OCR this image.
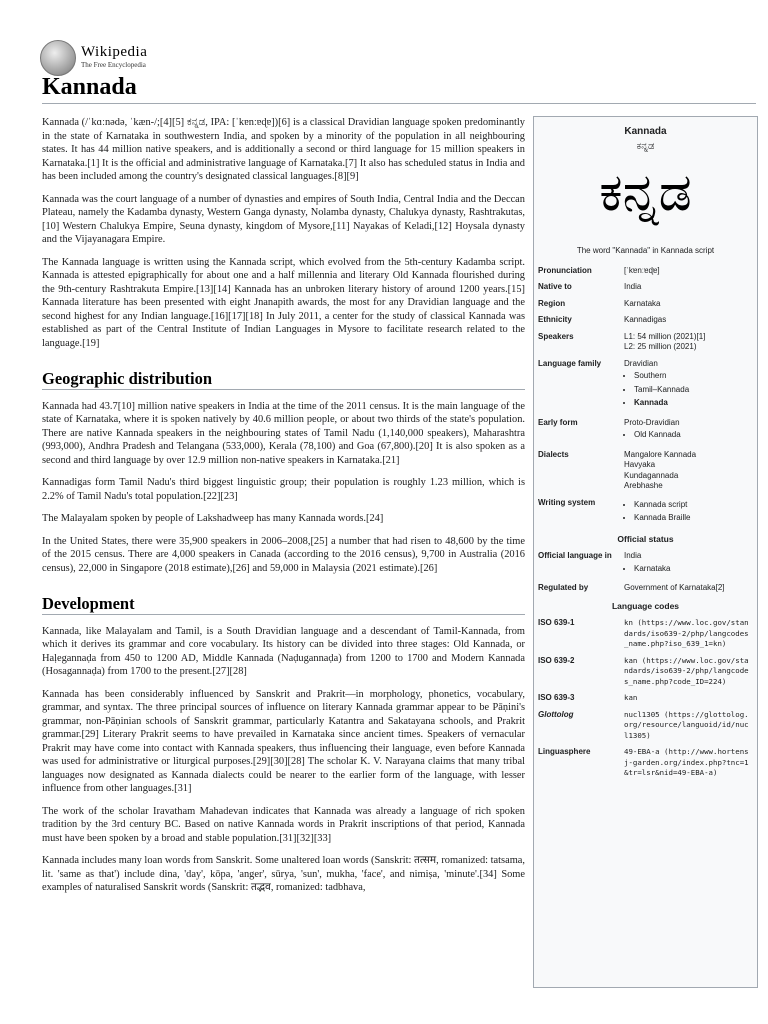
Wikipedia
The Free Encyclopedia
Kannada

Kannada (/ˈkɑːnədə, ˈkæn-/;[4][5] ಕನ್ನಡ, IPA: [ˈkɐnːɐɖɐ])[6] is a classical Dravidian language spoken predominantly in the state of Karnataka in southwestern India, and spoken by a minority of the population in all neighbouring states. It has 44 million native speakers, and is additionally a second or third language for 15 million speakers in Karnataka.[1] It is the official and administrative language of Karnataka.[7] It also has scheduled status in India and has been included among the country's designated classical languages.[8][9]

Kannada was the court language of a number of dynasties and empires of South India, Central India and the Deccan Plateau, namely the Kadamba dynasty, Western Ganga dynasty, Nolamba dynasty, Chalukya dynasty, Rashtrakutas,[10] Western Chalukya Empire, Seuna dynasty, kingdom of Mysore,[11] Nayakas of Keladi,[12] Hoysala dynasty and the Vijayanagara Empire.

The Kannada language is written using the Kannada script, which evolved from the 5th-century Kadamba script. Kannada is attested epigraphically for about one and a half millennia and literary Old Kannada flourished during the 9th-century Rashtrakuta Empire.[13][14] Kannada has an unbroken literary history of around 1200 years.[15] Kannada literature has been presented with eight Jnanapith awards, the most for any Dravidian language and the second highest for any Indian language.[16][17][18] In July 2011, a center for the study of classical Kannada was established as part of the Central Institute of Indian Languages in Mysore to facilitate research related to the language.[19]

Geographic distribution

Kannada had 43.7[10] million native speakers in India at the time of the 2011 census. It is the main language of the state of Karnataka, where it is spoken natively by 40.6 million people, or about two thirds of the state's population. There are native Kannada speakers in the neighbouring states of Tamil Nadu (1,140,000 speakers), Maharashtra (993,000), Andhra Pradesh and Telangana (533,000), Kerala (78,100) and Goa (67,800).[20] It is also spoken as a second and third language by over 12.9 million non-native speakers in Karnataka.[21]

Kannadigas form Tamil Nadu's third biggest linguistic group; their population is roughly 1.23 million, which is 2.2% of Tamil Nadu's total population.[22][23]

The Malayalam spoken by people of Lakshadweep has many Kannada words.[24]

In the United States, there were 35,900 speakers in 2006–2008,[25] a number that had risen to 48,600 by the time of the 2015 census. There are 4,000 speakers in Canada (according to the 2016 census), 9,700 in Australia (2016 census), 22,000 in Singapore (2018 estimate),[26] and 59,000 in Malaysia (2021 estimate).[26]

Development

Kannada, like Malayalam and Tamil, is a South Dravidian language and a descendant of Tamil-Kannada, from which it derives its grammar and core vocabulary. Its history can be divided into three stages: Old Kannada, or Haḷegannaḍa from 450 to 1200 AD, Middle Kannada (Naḍugannaḍa) from 1200 to 1700 and Modern Kannada (Hosagannaḍa) from 1700 to the present.[27][28]

Kannada has been considerably influenced by Sanskrit and Prakrit—in morphology, phonetics, vocabulary, grammar, and syntax. The three principal sources of influence on literary Kannada grammar appear to be Pāṇini's grammar, non-Pāṇinian schools of Sanskrit grammar, particularly Katantra and Sakatayana schools, and Prakrit grammar.[29] Literary Prakrit seems to have prevailed in Karnataka since ancient times. Speakers of vernacular Prakrit may have come into contact with Kannada speakers, thus influencing their language, even before Kannada was used for administrative or liturgical purposes.[29][30][28] The scholar K. V. Narayana claims that many tribal languages now designated as Kannada dialects could be nearer to the earlier form of the language, with lesser influence from other languages.[31]

The work of the scholar Iravatham Mahadevan indicates that Kannada was already a language of rich spoken tradition by the 3rd century BC. Based on native Kannada words in Prakrit inscriptions of that period, Kannada must have been spoken by a broad and stable population.[31][32][33]

Kannada includes many loan words from Sanskrit. Some unaltered loan words (Sanskrit: तत्सम, romanized: tatsama, lit. 'same as that') include dina, 'day', kōpa, 'anger', sūrya, 'sun', mukha, 'face', and nimiṣa, 'minute'.[34] Some examples of naturalised Sanskrit words (Sanskrit: तद्भव, romanized: tadbhava,

Kannada
ಕನ್ನಡ
ಕನ್ನಡ
The word "Kannada" in Kannada script
Pronunciation	[ˈkɐnːɐɖɐ]
Native to	India
Region	Karnataka
Ethnicity	Kannadigas
Speakers	L1: 54 million (2021)[1]
L2: 25 million (2021)
Language family	Dravidian
• Southern
• Tamil–Kannada
• Kannada
Early form	Proto-Dravidian
• Old Kannada
Dialects	Mangalore Kannada
Havyaka
Kundagannada
Arebhashe
Writing system
•	Kannada script
• Kannada Braille
Official status
Official language in	India
• Karnataka
Regulated by	Government of Karnataka[2]
Language codes
ISO 639-1	kn (https://www.loc.gov/standards/iso639-2/php/langcodes_name.php?iso_639_1=kn)
ISO 639-2	kan (https://www.loc.gov/standards/iso639-2/php/langcodes_name.php?code_ID=224)
ISO 639-3	kan
Glottolog	nucl1305 (https://glottolog.org/resource/languoid/id/nucl1305)
Linguasphere	49-EBA-a (http://www.hortensj-garden.org/index.php?tnc=1&tr=lsr&nid=49-EBA-a)
